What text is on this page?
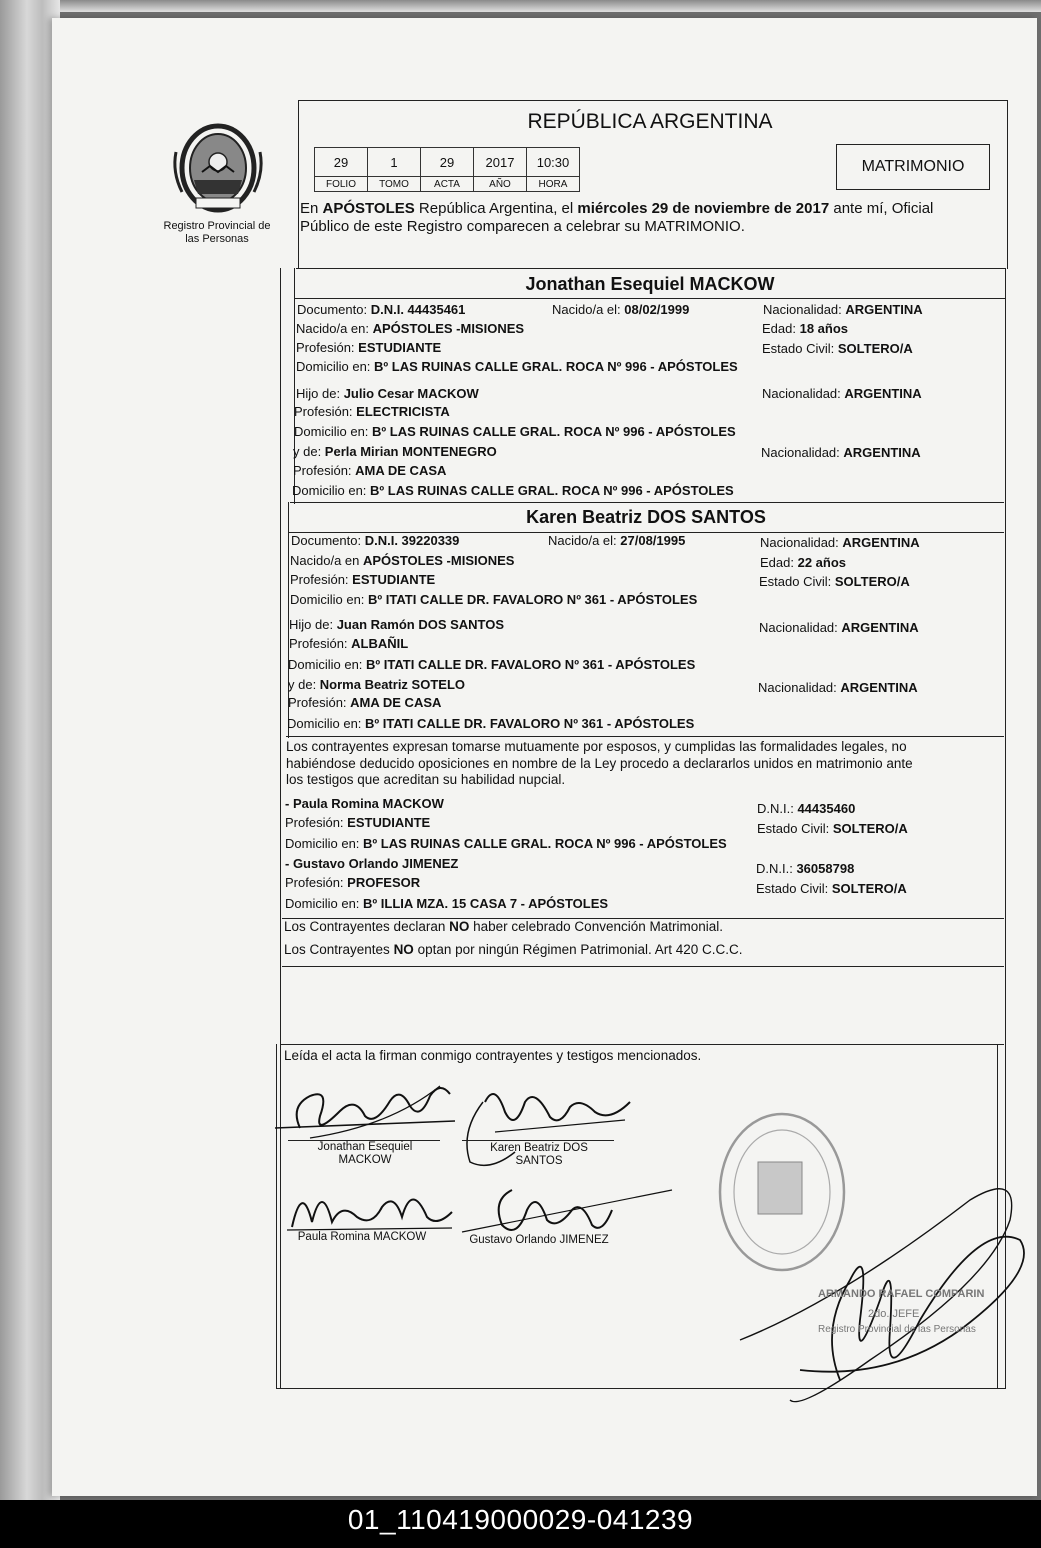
Registro Provincial de las Personas
REPÚBLICA ARGENTINA
29	1	29	2017	10:30
FOLIO	TOMO	ACTA	AÑO	HORA
MATRIMONIO
En APÓSTOLES República Argentina, el miércoles 29 de noviembre de 2017 ante mí, Oficial
Público de este Registro comparecen a celebrar su MATRIMONIO.
Jonathan Esequiel MACKOW
Documento: D.N.I. 44435461	Nacido/a el: 08/02/1999	Nacionalidad: ARGENTINA
Nacido/a en: APÓSTOLES -MISIONES	Edad: 18 años
Profesión: ESTUDIANTE	Estado Civil: SOLTERO/A
Domicilio en: Bº LAS RUINAS CALLE GRAL. ROCA Nº 996 - APÓSTOLES
Hijo de: Julio Cesar MACKOW	Nacionalidad: ARGENTINA
Profesión: ELECTRICISTA
Domicilio en: Bº LAS RUINAS CALLE GRAL. ROCA Nº 996 - APÓSTOLES
y de: Perla Mirian MONTENEGRO	Nacionalidad: ARGENTINA
Profesión: AMA DE CASA
Domicilio en: Bº LAS RUINAS CALLE GRAL. ROCA Nº 996 - APÓSTOLES
Karen Beatriz DOS SANTOS
Documento: D.N.I. 39220339	Nacido/a el: 27/08/1995	Nacionalidad: ARGENTINA
Nacido/a en APÓSTOLES -MISIONES	Edad: 22 años
Profesión: ESTUDIANTE	Estado Civil: SOLTERO/A
Domicilio en: Bº ITATI CALLE DR. FAVALORO Nº 361 - APÓSTOLES
Hijo de: Juan Ramón DOS SANTOS	Nacionalidad: ARGENTINA
Profesión: ALBAÑIL
Domicilio en: Bº ITATI CALLE DR. FAVALORO Nº 361 - APÓSTOLES
y de: Norma Beatriz SOTELO	Nacionalidad: ARGENTINA
Profesión: AMA DE CASA
Domicilio en: Bº ITATI CALLE DR. FAVALORO Nº 361 - APÓSTOLES
Los contrayentes expresan tomarse mutuamente por esposos, y cumplidas las formalidades legales, no
habiéndose deducido oposiciones en nombre de la Ley procedo a declararlos unidos en matrimonio ante
los testigos que acreditan su habilidad nupcial.
- Paula Romina MACKOW	D.N.I.: 44435460
Profesión: ESTUDIANTE	Estado Civil: SOLTERO/A
Domicilio en: Bº LAS RUINAS CALLE GRAL. ROCA Nº 996 - APÓSTOLES
- Gustavo Orlando JIMENEZ	D.N.I.: 36058798
Profesión: PROFESOR	Estado Civil: SOLTERO/A
Domicilio en: Bº ILLIA MZA. 15 CASA 7 - APÓSTOLES
Los Contrayentes declaran NO haber celebrado Convención Matrimonial.
Los Contrayentes NO optan por ningún Régimen Patrimonial. Art 420 C.C.C.
Leída el acta la firman conmigo contrayentes y testigos mencionados.
Jonathan Esequiel MACKOW
Karen Beatriz DOS SANTOS
Paula Romina MACKOW	Gustavo Orlando JIMENEZ
ARMANDO RAFAEL COMPARIN
2do. JEFE
Registro Provincial de las Personas
01_110419000029-041239
